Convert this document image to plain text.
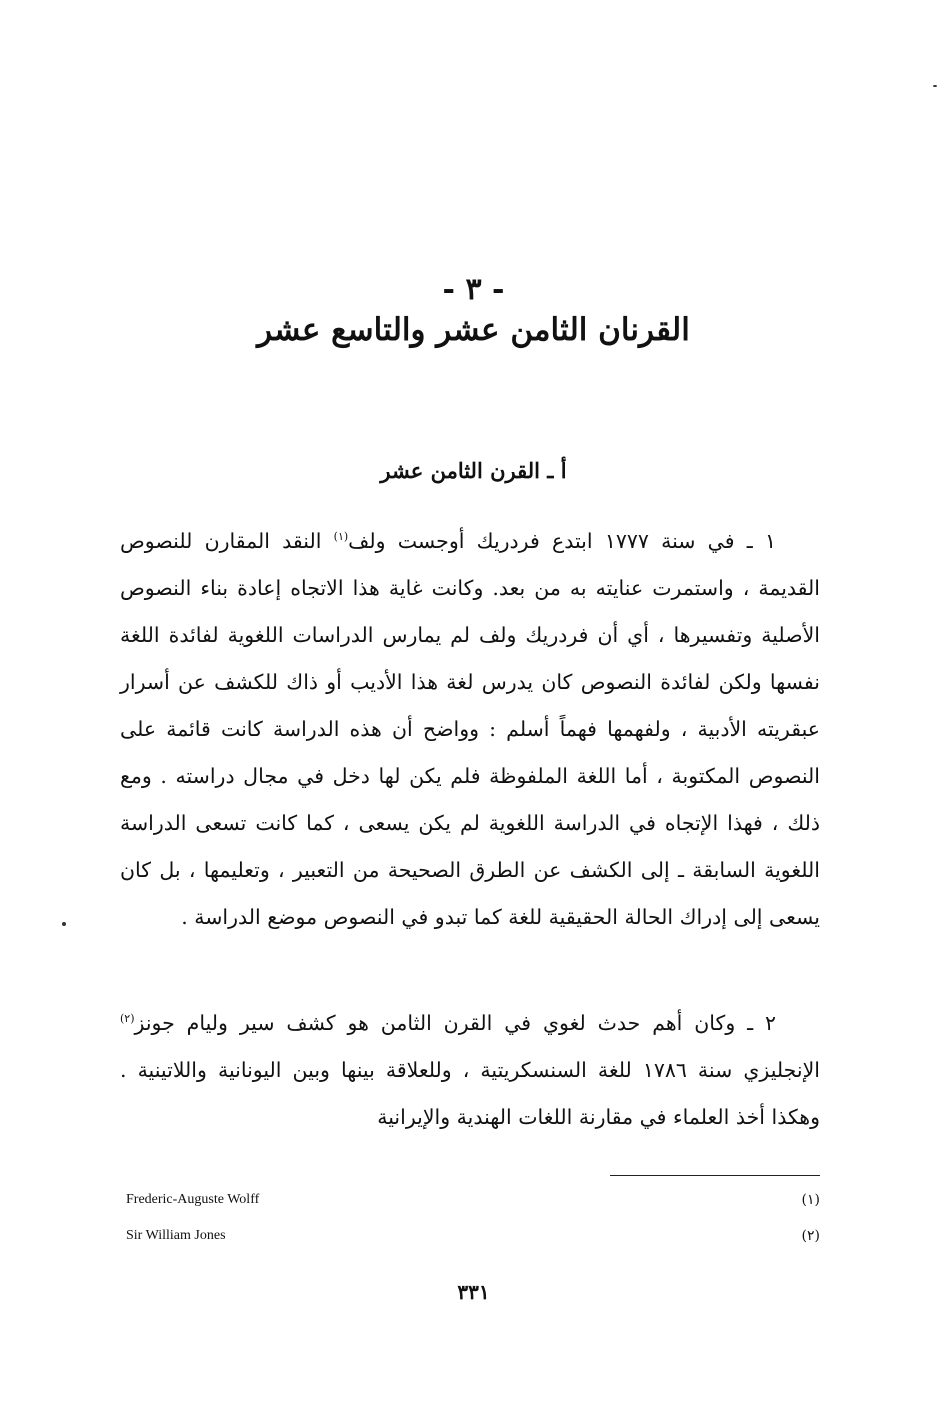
- ٣ -
القرنان الثامن عشر والتاسع عشر
أ ـ القرن الثامن عشر

١ ـ في سنة ١٧٧٧ ابتدع فردريك أوجست ولف$^{(١)}$ النقد المقارن للنصوص القديمة ، واستمرت عنايته به من بعد. وكانت غاية هذا الاتجاه إعادة بناء النصوص الأصلية وتفسيرها ، أي أن فردريك ولف لم يمارس الدراسات اللغوية لفائدة اللغة نفسها ولكن لفائدة النصوص كان يدرس لغة هذا الأديب أو ذاك للكشف عن أسرار عبقريته الأدبية ، ولفهمها فهماً أسلم : وواضح أن هذه الدراسة كانت قائمة على النصوص المكتوبة ، أما اللغة الملفوظة فلم يكن لها دخل في مجال دراسته . ومع ذلك ، فهذا الإتجاه في الدراسة اللغوية لم يكن يسعى ، كما كانت تسعى الدراسة اللغوية السابقة ـ إلى الكشف عن الطرق الصحيحة من التعبير ، وتعليمها ، بل كان يسعى إلى إدراك الحالة الحقيقية للغة كما تبدو في النصوص موضع الدراسة .

٢ ـ وكان أهم حدث لغوي في القرن الثامن هو كشف سير وليام جونز$^{(٢)}$ الإنجليزي سنة ١٧٨٦ للغة السنسكريتية ، وللعلاقة بينها وبين اليونانية واللاتينية . وهكذا أخذ العلماء في مقارنة اللغات الهندية والإيرانية

Frederic-Auguste Wolff	(١)
Sir William Jones	(٢)
٣٣١
